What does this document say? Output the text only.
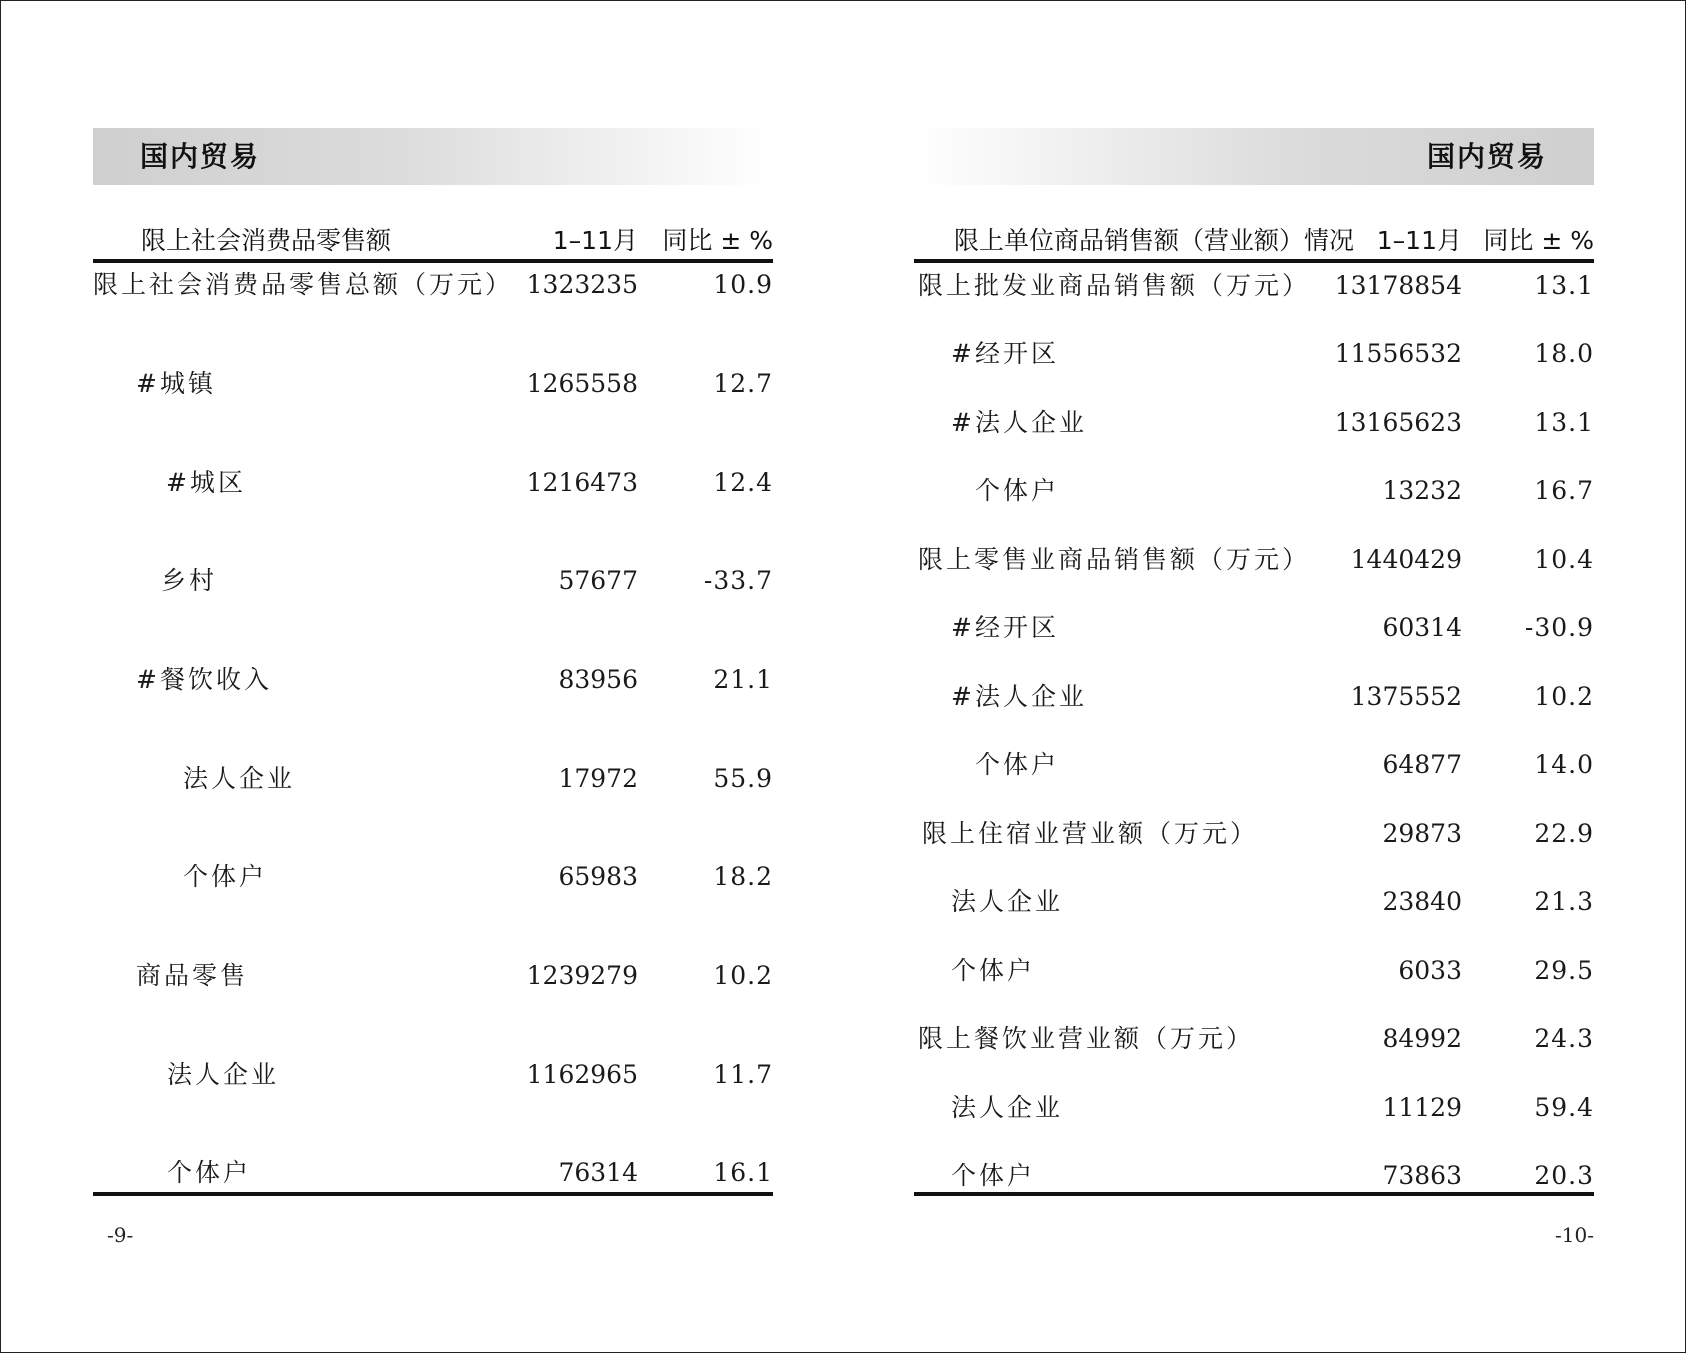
国内贸易
限上社会消费品零售额	1–11月 同比 ± %
限上社会消费品零售总额（万元） 1323235	10.9
#城镇	1265558	12.7
#城区	1216473	12.4
乡村	57677	-33.7
#餐饮收入	83956	21.1
法人企业	17972	55.9
个体户	65983	18.2
商品零售	1239279	10.2
法人企业	1162965	11.7
个体户	76314	16.1
-9-
国内贸易
限上单位商品销售额（营业额）情况 1–11月 同比 ± %
限上批发业商品销售额（万元） 13178854	13.1
#经开区	11556532	18.0
#法人企业	13165623	13.1
个体户	13232	16.7
限上零售业商品销售额（万元） 1440429	10.4
#经开区	60314	-30.9
#法人企业	1375552	10.2
个体户	64877	14.0
限上住宿业营业额（万元）	29873	22.9
法人企业	23840	21.3
个体户	6033	29.5
限上餐饮业营业额（万元）	84992	24.3
法人企业	11129	59.4
个体户	73863	20.3
-10-
